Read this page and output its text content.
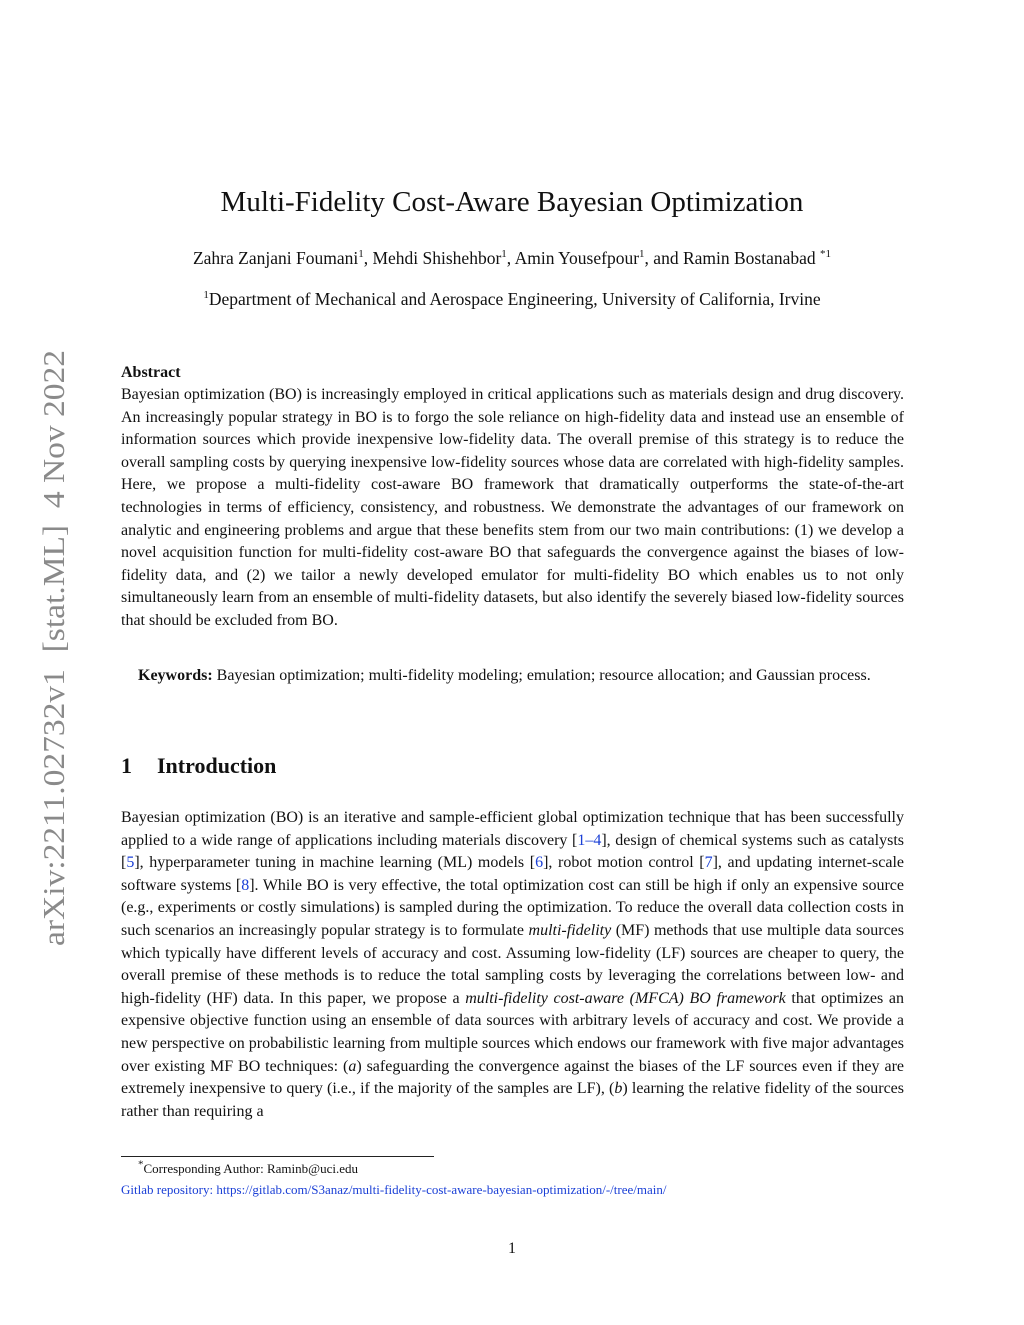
arXiv:2211.02732v1  [stat.ML]  4 Nov 2022
Multi-Fidelity Cost-Aware Bayesian Optimization
Zahra Zanjani Foumani$^1$, Mehdi Shishehbor$^1$, Amin Yousefpour$^1$, and Ramin Bostanabad $^{*1}$
$^1$Department of Mechanical and Aerospace Engineering, University of California, Irvine
Abstract

Bayesian optimization (BO) is increasingly employed in critical applications such as materials design and drug discovery. An increasingly popular strategy in BO is to forgo the sole reliance on high-fidelity data and instead use an ensemble of information sources which provide inexpensive low-fidelity data. The overall premise of this strategy is to reduce the overall sampling costs by querying inexpensive low-fidelity sources whose data are correlated with high-fidelity samples. Here, we propose a multi-fidelity cost-aware BO framework that dramatically outperforms the state-of-the-art technologies in terms of efficiency, consistency, and robustness. We demonstrate the advantages of our framework on analytic and engineering problems and argue that these benefits stem from our two main contributions: (1) we develop a novel acquisition function for multi-fidelity cost-aware BO that safeguards the convergence against the biases of low-fidelity data, and (2) we tailor a newly developed emulator for multi-fidelity BO which enables us to not only simultaneously learn from an ensemble of multi-fidelity datasets, but also identify the severely biased low-fidelity sources that should be excluded from BO.

Keywords: Bayesian optimization; multi-fidelity modeling; emulation; resource allocation; and Gaussian process.

1 Introduction

Bayesian optimization (BO) is an iterative and sample-efficient global optimization technique that has been successfully applied to a wide range of applications including materials discovery [1–4], design of chemical systems such as catalysts [5], hyperparameter tuning in machine learning (ML) models [6], robot motion control [7], and updating internet-scale software systems [8]. While BO is very effective, the total optimization cost can still be high if only an expensive source (e.g., experiments or costly simulations) is sampled during the optimization. To reduce the overall data collection costs in such scenarios an increasingly popular strategy is to formulate multi-fidelity (MF) methods that use multiple data sources which typically have different levels of accuracy and cost. Assuming low-fidelity (LF) sources are cheaper to query, the overall premise of these methods is to reduce the total sampling costs by leveraging the correlations between low- and high-fidelity (HF) data. In this paper, we propose a multi-fidelity cost-aware (MFCA) BO framework that optimizes an expensive objective function using an ensemble of data sources with arbitrary levels of accuracy and cost. We provide a new perspective on probabilistic learning from multiple sources which endows our framework with five major advantages over existing MF BO techniques: (a) safeguarding the convergence against the biases of the LF sources even if they are extremely inexpensive to query (i.e., if the majority of the samples are LF), (b) learning the relative fidelity of the sources rather than requiring a

*Corresponding Author: Raminb@uci.edu
Gitlab repository: https://gitlab.com/S3anaz/multi-fidelity-cost-aware-bayesian-optimization/-/tree/main/
1
